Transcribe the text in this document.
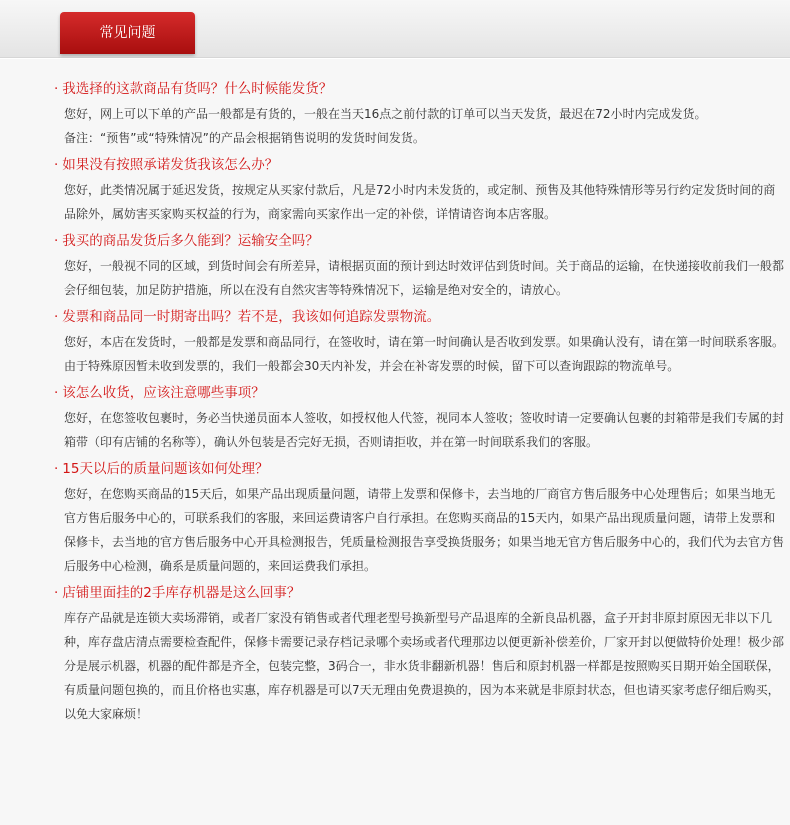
常见问题
· 我选择的这款商品有货吗？什么时候能发货？

您好，网上可以下单的产品一般都是有货的，一般在当天16点之前付款的订单可以当天发货，最迟在72小时内完成发货。

备注：“预售”或“特殊情况”的产品会根据销售说明的发货时间发货。

· 如果没有按照承诺发货我该怎么办？

您好，此类情况属于延迟发货，按规定从买家付款后，凡是72小时内未发货的，或定制、预售及其他特殊情形等另行约定发货时间的商品除外，属妨害买家购买权益的行为，商家需向买家作出一定的补偿，详情请咨询本店客服。

· 我买的商品发货后多久能到？运输安全吗？

您好，一般视不同的区域，到货时间会有所差异，请根据页面的预计到达时效评估到货时间。关于商品的运输，在快递接收前我们一般都会仔细包装，加足防护措施，所以在没有自然灾害等特殊情况下，运输是绝对安全的，请放心。

· 发票和商品同一时期寄出吗？若不是，我该如何追踪发票物流。

您好，本店在发货时，一般都是发票和商品同行，在签收时，请在第一时间确认是否收到发票。如果确认没有，请在第一时间联系客服。由于特殊原因暂未收到发票的，我们一般都会30天内补发，并会在补寄发票的时候，留下可以查询跟踪的物流单号。

· 该怎么收货，应该注意哪些事项？

您好，在您签收包裹时，务必当快递员面本人签收，如授权他人代签，视同本人签收；签收时请一定要确认包裹的封箱带是我们专属的封箱带（印有店铺的名称等），确认外包装是否完好无损，否则请拒收，并在第一时间联系我们的客服。

· 15天以后的质量问题该如何处理？

您好，在您购买商品的15天后，如果产品出现质量问题，请带上发票和保修卡，去当地的厂商官方售后服务中心处理售后；如果当地无官方售后服务中心的，可联系我们的客服，来回运费请客户自行承担。在您购买商品的15天内，如果产品出现质量问题，请带上发票和保修卡，去当地的官方售后服务中心开具检测报告，凭质量检测报告享受换货服务；如果当地无官方售后服务中心的，我们代为去官方售后服务中心检测，确系是质量问题的，来回运费我们承担。

· 店铺里面挂的2手库存机器是这么回事？

库存产品就是连锁大卖场滞销，或者厂家没有销售或者代理老型号换新型号产品退库的全新良品机器，盒子开封非原封原因无非以下几种，库存盘店清点需要检查配件，保修卡需要记录存档记录哪个卖场或者代理那边以便更新补偿差价，厂家开封以便做特价处理！极少部分是展示机器，机器的配件都是齐全，包装完整，3码合一，非水货非翻新机器！售后和原封机器一样都是按照购买日期开始全国联保，有质量问题包换的，而且价格也实惠，库存机器是可以7天无理由免费退换的，因为本来就是非原封状态，但也请买家考虑仔细后购买，以免大家麻烦！
